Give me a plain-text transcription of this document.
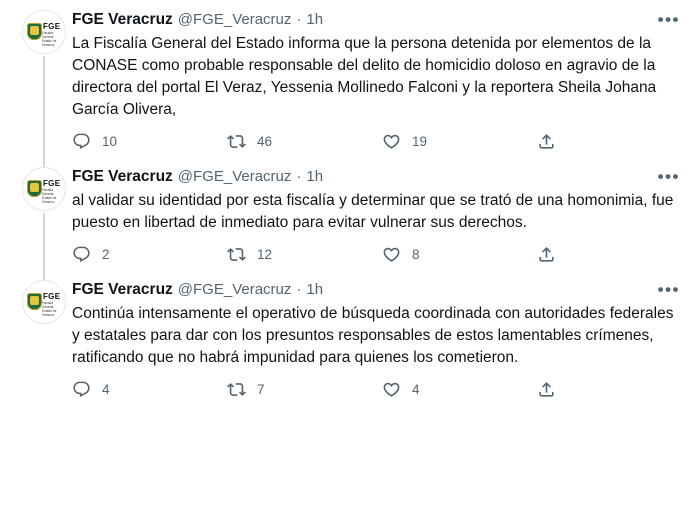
FGE
Fiscalía General Estado de Veracruz
FGE Veracruz @FGE_Veracruz · 1h	•••
La Fiscalía General del Estado informa que la persona detenida por elementos de la CONASE como probable responsable del delito de homicidio doloso en agravio de la directora del portal El Veraz, Yessenia Mollinedo Falconi y la reportera Sheila Johana García Olivera,
10	46	19
FGE
Fiscalía General Estado de Veracruz
FGE Veracruz @FGE_Veracruz · 1h	•••
al validar su identidad por esta fiscalía y determinar que se trató de una homonimia, fue puesto en libertad de inmediato para evitar vulnerar sus derechos.
2	12	8
FGE
Fiscalía General Estado de Veracruz
FGE Veracruz @FGE_Veracruz · 1h	•••
Continúa intensamente el operativo de búsqueda coordinada con autoridades federales y estatales para dar con los presuntos responsables de estos lamentables crímenes, ratificando que no habrá impunidad para quienes los cometieron.
4	7	4
